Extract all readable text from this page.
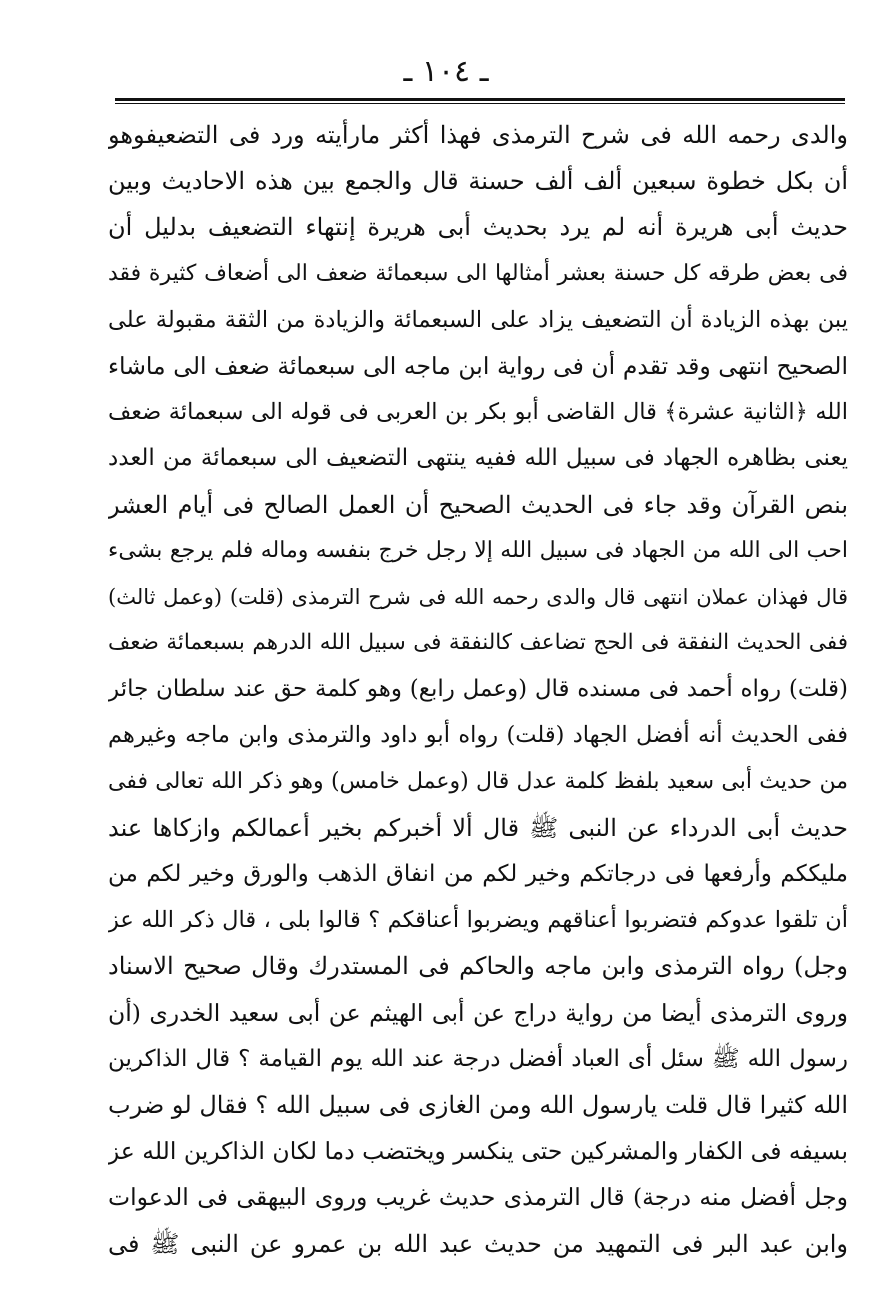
ـ ١٠٤ ـ
والدى رحمه الله فى شرح الترمذى فهذا أكثر مارأيته ورد فى التضعيفوهو
أن بكل خطوة سبعين ألف ألف حسنة قال والجمع بين هذه الاحاديث وبين
حديث أبى هريرة أنه لم يرد بحديث أبى هريرة إنتهاء التضعيف بدليل أن
فى بعض طرقه كل حسنة بعشر أمثالها الى سبعمائة ضعف الى أضعاف كثيرة فقد
يبن بهذه الزيادة أن التضعيف يزاد على السبعمائة والزيادة من الثقة مقبولة على
الصحيح انتهى وقد تقدم أن فى رواية ابن ماجه الى سبعمائة ضعف الى ماشاء
الله ﴿الثانية عشرة﴾ قال القاضى أبو بكر بن العربى فى قوله الى سبعمائة ضعف
يعنى بظاهره الجهاد فى سبيل الله ففيه ينتهى التضعيف الى سبعمائة من العدد
بنص القرآن وقد جاء فى الحديث الصحيح أن العمل الصالح فى أيام العشر
احب الى الله من الجهاد فى سبيل الله إلا رجل خرج بنفسه وماله فلم يرجع بشىء
قال فهذان عملان انتهى قال والدى رحمه الله فى شرح الترمذى (قلت) (وعمل ثالث)
ففى الحديث النفقة فى الحج تضاعف كالنفقة فى سبيل الله الدرهم بسبعمائة ضعف
(قلت) رواه أحمد فى مسنده قال (وعمل رابع) وهو كلمة حق عند سلطان جائر
ففى الحديث أنه أفضل الجهاد (قلت) رواه أبو داود والترمذى وابن ماجه وغيرهم
من حديث أبى سعيد بلفظ كلمة عدل قال (وعمل خامس) وهو ذكر الله تعالى ففى
حديث أبى الدرداء عن النبى ﷺ قال ألا أخبركم بخير أعمالكم وازكاها عند
مليككم وأرفعها فى درجاتكم وخير لكم من انفاق الذهب والورق وخير لكم من
أن تلقوا عدوكم فتضربوا أعناقهم ويضربوا أعناقكم ؟ قالوا بلى ، قال ذكر الله عز
وجل) رواه الترمذى وابن ماجه والحاكم فى المستدرك وقال صحيح الاسناد
وروى الترمذى أيضا من رواية دراج عن أبى الهيثم عن أبى سعيد الخدرى (أن
رسول الله ﷺ سئل أى العباد أفضل درجة عند الله يوم القيامة ؟ قال الذاكرين
الله كثيرا قال قلت يارسول الله ومن الغازى فى سبيل الله ؟ فقال لو ضرب
بسيفه فى الكفار والمشركين حتى ينكسر ويختضب دما لكان الذاكرين الله عز
وجل أفضل منه درجة) قال الترمذى حديث غريب وروى البيهقى فى الدعوات
وابن عبد البر فى التمهيد من حديث عبد الله بن عمرو عن النبى ﷺ فى
